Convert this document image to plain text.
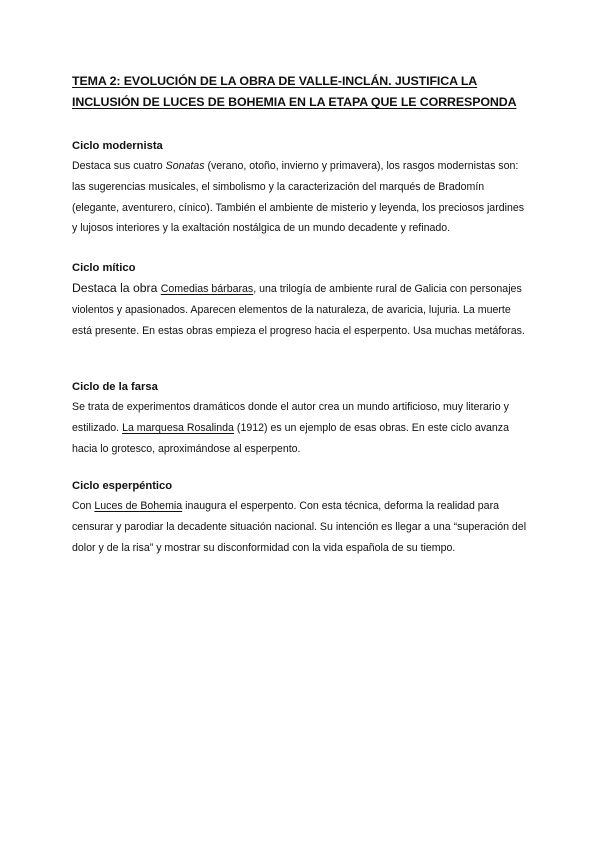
TEMA 2: EVOLUCIÓN DE LA OBRA DE VALLE-INCLÁN. JUSTIFICA LA
INCLUSIÓN DE LUCES DE BOHEMIA EN LA ETAPA QUE LE CORRESPONDA
Ciclo modernista

Destaca sus cuatro Sonatas (verano, otoño, invierno y primavera), los rasgos modernistas son: las sugerencias musicales, el simbolismo y la caracterización del marqués de Bradomín (elegante, aventurero, cínico). También el ambiente de misterio y leyenda, los preciosos jardines y lujosos interiores y la exaltación nostálgica de un mundo decadente y refinado.

Ciclo mítico

Destaca la obra Comedias bárbaras, una trilogía de ambiente rural de Galicia con personajes violentos y apasionados. Aparecen elementos de la naturaleza, de avaricia, lujuria. La muerte está presente. En estas obras empieza el progreso hacia el esperpento. Usa muchas metáforas.

Ciclo de la farsa

Se trata de experimentos dramáticos donde el autor crea un mundo artificioso, muy literario y estilizado. La marquesa Rosalinda (1912) es un ejemplo de esas obras. En este ciclo avanza hacia lo grotesco, aproximándose al esperpento.

Ciclo esperpéntico

Con Luces de Bohemia inaugura el esperpento. Con esta técnica, deforma la realidad para censurar y parodiar la decadente situación nacional. Su intención es llegar a una “superación del dolor y de la risa” y mostrar su disconformidad con la vida española de su tiempo.
